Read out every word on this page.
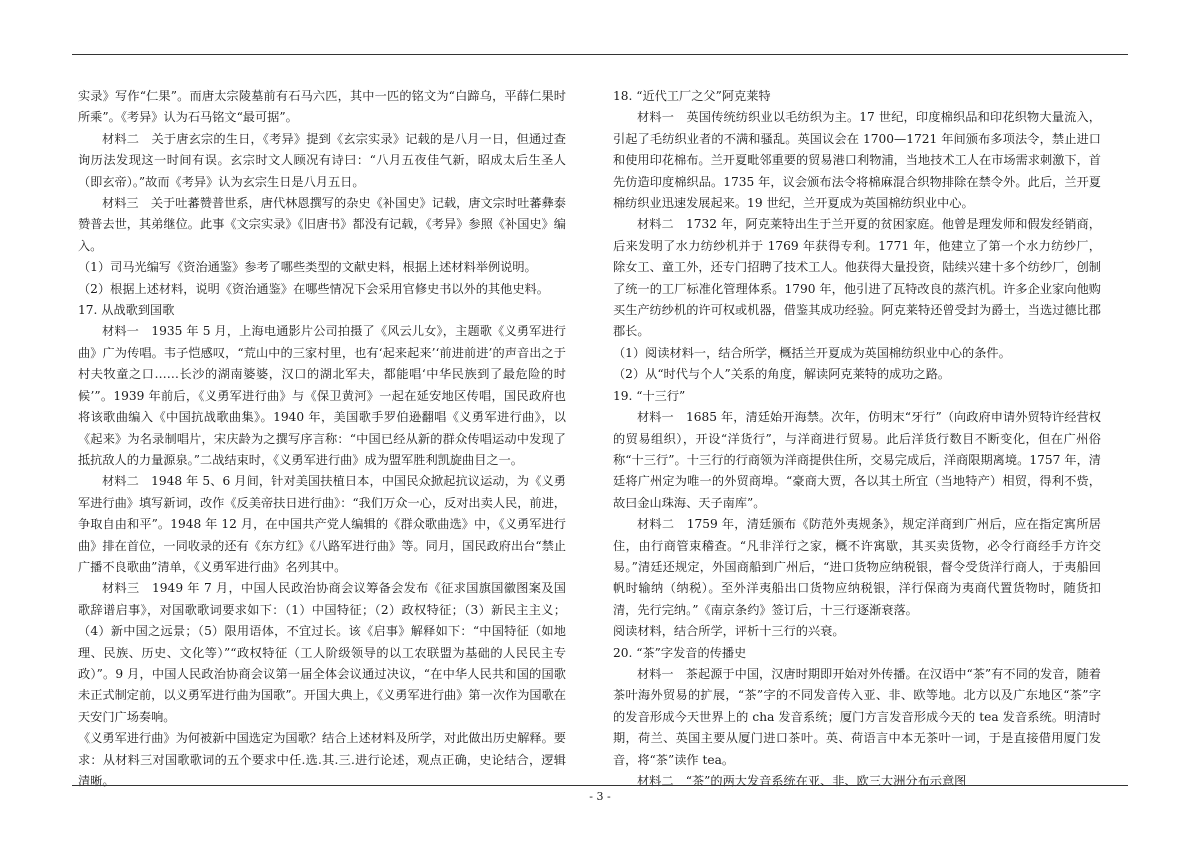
实录》写作“仁果”。而唐太宗陵墓前有石马六匹，其中一匹的铭文为“白蹄乌，平薛仁果时所乘”。《考异》认为石马铭文“最可据”。

材料二　关于唐玄宗的生日，《考异》提到《玄宗实录》记载的是八月一日，但通过查询历法发现这一时间有误。玄宗时文人顾况有诗曰：“八月五夜佳气新，昭成太后生圣人（即玄帝）。”故而《考异》认为玄宗生日是八月五日。

材料三　关于吐蕃赞普世系，唐代林恩撰写的杂史《补国史》记载，唐文宗时吐蕃彝泰赞普去世，其弟继位。此事《文宗实录》《旧唐书》都没有记载，《考异》参照《补国史》编入。

（1）司马光编写《资治通鉴》参考了哪些类型的文献史料，根据上述材料举例说明。

（2）根据上述材料，说明《资治通鉴》在哪些情况下会采用官修史书以外的其他史料。

17. 从战歌到国歌

材料一　1935 年 5 月，上海电通影片公司拍摄了《风云儿女》，主题歌《义勇军进行曲》广为传唱。韦子恺感叹，“荒山中的三家村里，也有‘起来起来’‘前进前进’的声音出之于村夫牧童之口……长沙的湖南婆婆，汉口的湖北军夫，都能唱‘中华民族到了最危险的时候’”。1939 年前后，《义勇军进行曲》与《保卫黄河》一起在延安地区传唱，国民政府也将该歌曲编入《中国抗战歌曲集》。1940 年，美国歌手罗伯逊翻唱《义勇军进行曲》，以《起来》为名录制唱片，宋庆龄为之撰写序言称：“中国已经从新的群众传唱运动中发现了抵抗敌人的力量源泉。”二战结束时，《义勇军进行曲》成为盟军胜利凯旋曲目之一。

材料二　1948 年 5、6 月间，针对美国扶植日本，中国民众掀起抗议运动，为《义勇军进行曲》填写新词，改作《反美帝扶日进行曲》：“我们万众一心，反对出卖人民，前进，争取自由和平”。1948 年 12 月，在中国共产党人编辑的《群众歌曲选》中，《义勇军进行曲》排在首位，一同收录的还有《东方红》《八路军进行曲》等。同月，国民政府出台“禁止广播不良歌曲”清单，《义勇军进行曲》名列其中。

材料三　1949 年 7 月，中国人民政治协商会议筹备会发布《征求国旗国徽图案及国歌辞谱启事》，对国歌歌词要求如下：（1）中国特征；（2）政权特征；（3）新民主主义；（4）新中国之远景；（5）限用语体，不宜过长。该《启事》解释如下：“中国特征（如地理、民族、历史、文化等）”“政权特征（工人阶级领导的以工农联盟为基础的人民民主专政）”。9 月，中国人民政治协商会议第一届全体会议通过决议，“在中华人民共和国的国歌未正式制定前，以义勇军进行曲为国歌”。开国大典上，《义勇军进行曲》第一次作为国歌在天安门广场奏响。

《义勇军进行曲》为何被新中国选定为国歌？结合上述材料及所学，对此做出历史解释。要求：从材料三对国歌歌词的五个要求中任.选.其.三.进行论述，观点正确，史论结合，逻辑清晰。

18. “近代工厂之父”阿克莱特

材料一　英国传统纺织业以毛纺织为主。17 世纪，印度棉织品和印花织物大量流入，引起了毛纺织业者的不满和骚乱。英国议会在 1700—1721 年间颁布多项法令，禁止进口和使用印花棉布。兰开夏毗邻重要的贸易港口利物浦，当地技术工人在市场需求刺激下，首先仿造印度棉织品。1735 年，议会颁布法令将棉麻混合织物排除在禁令外。此后，兰开夏棉纺织业迅速发展起来。19 世纪，兰开夏成为英国棉纺织业中心。

材料二　1732 年，阿克莱特出生于兰开夏的贫困家庭。他曾是理发师和假发经销商，后来发明了水力纺纱机并于 1769 年获得专利。1771 年，他建立了第一个水力纺纱厂，除女工、童工外，还专门招聘了技术工人。他获得大量投资，陆续兴建十多个纺纱厂，创制了统一的工厂标准化管理体系。1790 年，他引进了瓦特改良的蒸汽机。许多企业家向他购买生产纺纱机的许可权或机器，借鉴其成功经验。阿克莱特还曾受封为爵士，当选过德比郡郡长。

（1）阅读材料一，结合所学，概括兰开夏成为英国棉纺织业中心的条件。

（2）从“时代与个人”关系的角度，解读阿克莱特的成功之路。

19. “十三行”

材料一　1685 年，清廷始开海禁。次年，仿明末“牙行”（向政府申请外贸特许经营权的贸易组织），开设“洋货行”，与洋商进行贸易。此后洋货行数目不断变化，但在广州俗称“十三行”。十三行的行商领为洋商提供住所，交易完成后，洋商限期离境。1757 年，清廷将广州定为唯一的外贸商埠。“豪商大贾，各以其土所宜（当地特产）相贸，得利不赀，故曰金山珠海、天子南库”。

材料二　1759 年，清廷颁布《防范外夷规条》，规定洋商到广州后，应在指定寓所居住，由行商管束稽查。“凡非洋行之家，概不许寓歇，其买卖货物，必令行商经手方许交易。”清廷还规定，外国商船到广州后，“进口货物应纳税银，督令受货洋行商人，于夷船回帆时输纳（纳税）。至外洋夷船出口货物应纳税银，洋行保商为夷商代置货物时，随货扣清，先行完纳。”《南京条约》签订后，十三行逐渐衰落。

阅读材料，结合所学，评析十三行的兴衰。

20. “茶”字发音的传播史

材料一　茶起源于中国，汉唐时期即开始对外传播。在汉语中“茶”有不同的发音，随着茶叶海外贸易的扩展，“茶”字的不同发音传入亚、非、欧等地。北方以及广东地区“茶”字的发音形成今天世界上的 cha 发音系统；厦门方言发音形成今天的 tea 发音系统。明清时期，荷兰、英国主要从厦门进口茶叶。英、荷语言中本无茶叶一词，于是直接借用厦门发音，将“茶”读作 tea。

材料二　“茶”的两大发音系统在亚、非、欧三大洲分布示意图

- 3 -
